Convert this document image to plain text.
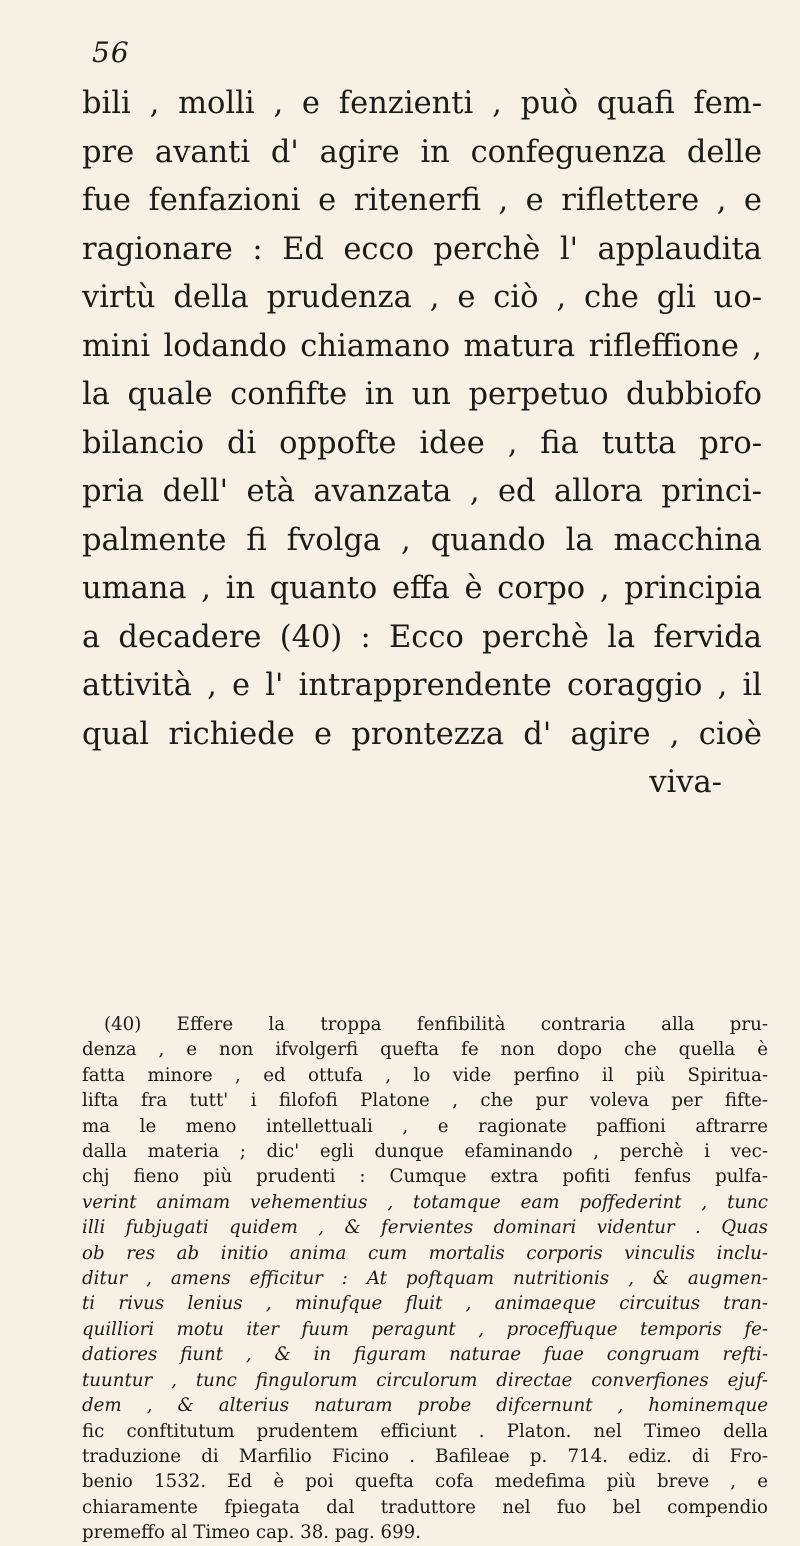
56
bili , molli , e fenzienti , può quafi fem-
pre avanti d' agire in confeguenza delle
fue fenfazioni e ritenerfi , e riflettere , e
ragionare : Ed ecco perchè l' applaudita
virtù della prudenza , e ciò , che gli uo-
mini lodando chiamano matura rifleffione ,
la quale confifte in un perpetuo dubbiofo
bilancio di oppofte idee , fia tutta pro-
pria dell' età avanzata , ed allora princi-
palmente fi fvolga , quando la macchina
umana , in quanto effa è corpo , principia
a decadere (40) : Ecco perchè la fervida
attività , e l' intrapprendente coraggio , il
qual richiede e prontezza d' agire , cioè
viva-
(40) Effere la troppa fenfibilità contraria alla pru-
denza , e non ifvolgerfi quefta fe non dopo che quella è
fatta minore , ed ottufa , lo vide perfino il più Spiritua-
lifta fra tutt' i filofofi Platone , che pur voleva per fifte-
ma le meno intellettuali , e ragionate paffioni aftrarre
dalla materia ; dic' egli dunque efaminando , perchè i vec-
chj fieno più prudenti : Cumque extra pofiti fenfus pulfa-
verint animam vehementius , totamque eam poffederint , tunc
illi fubjugati quidem , & fervientes dominari videntur . Quas
ob res ab initio anima cum mortalis corporis vinculis inclu-
ditur , amens efficitur : At poftquam nutritionis , & augmen-
ti rivus lenius , minufque fluit , animaeque circuitus tran-
quilliori motu iter fuum peragunt , proceffuque temporis fe-
datiores fiunt , & in figuram naturae fuae congruam refti-
tuuntur , tunc fingulorum circulorum directae converfiones ejuf-
dem , & alterius naturam probe difcernunt , hominemque
fic conftitutum prudentem efficiunt . Platon. nel Timeo della
traduzione di Marfilio Ficino . Bafileae p. 714. ediz. di Fro-
benio 1532. Ed è poi quefta cofa medefima più breve , e
chiaramente fpiegata dal traduttore nel fuo bel compendio
premeffo al Timeo cap. 38. pag. 699.
